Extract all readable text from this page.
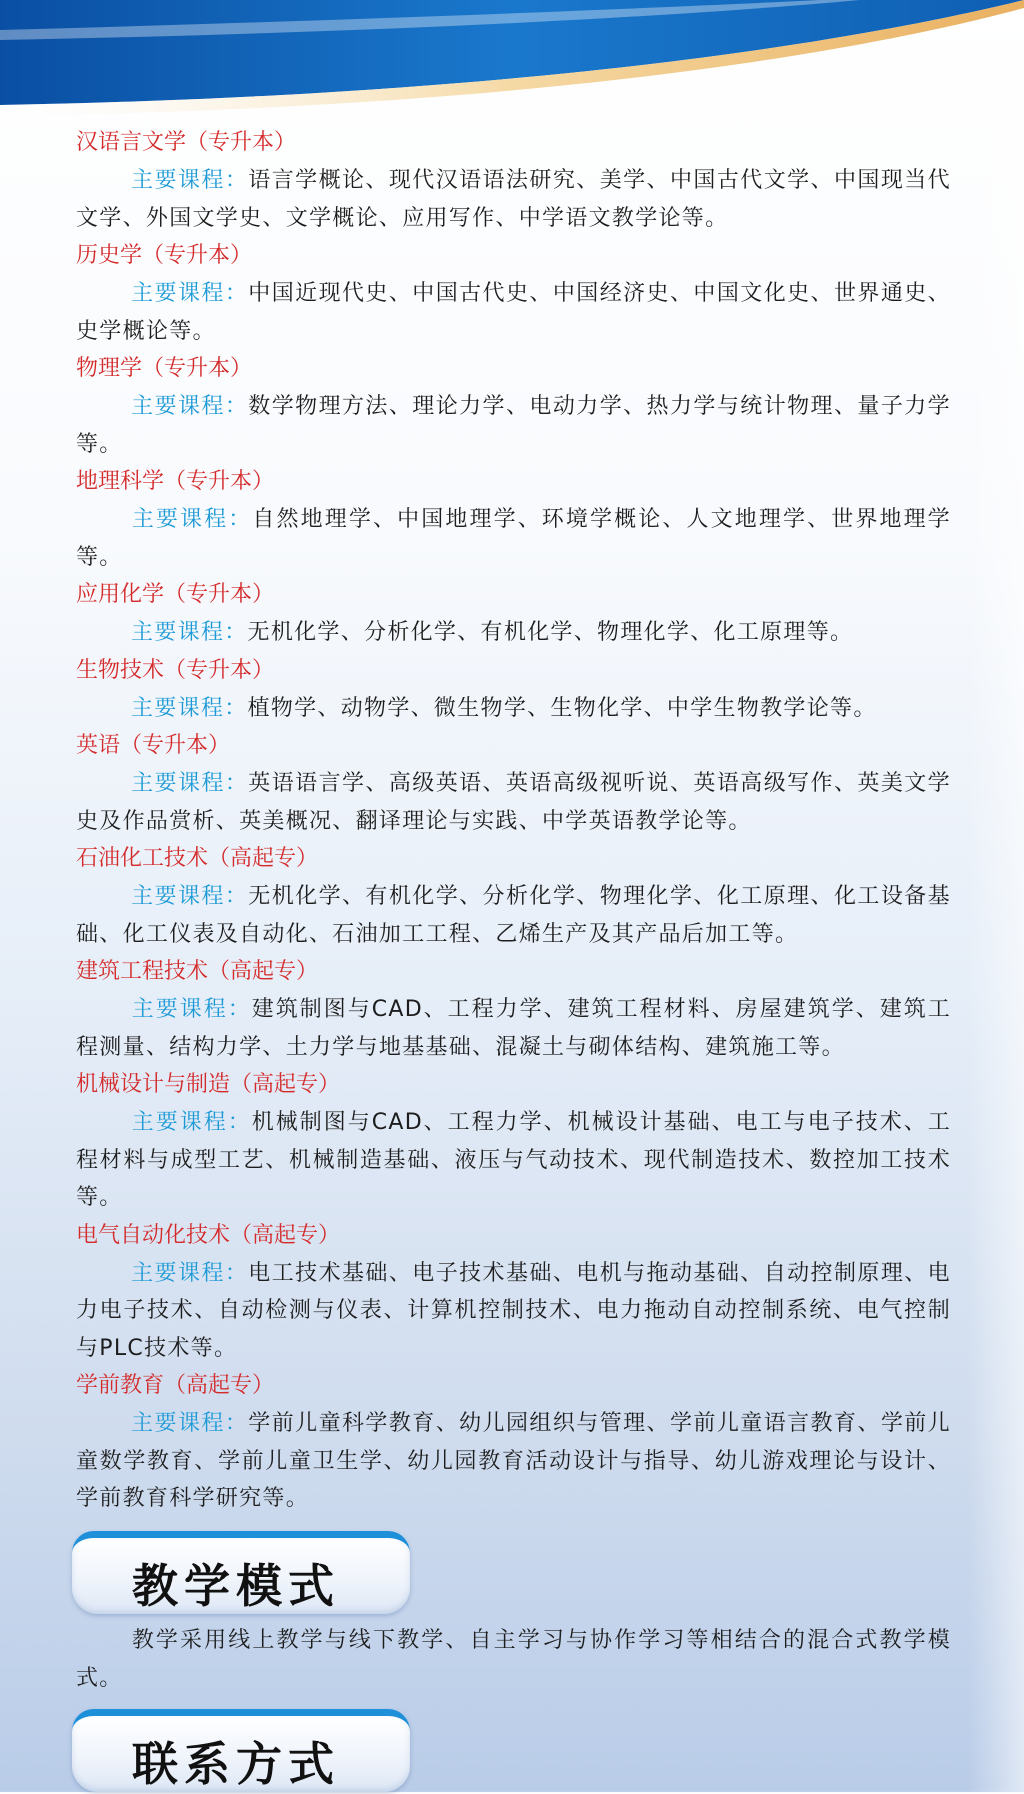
汉语言文学（专升本）
主要课程：语言学概论、现代汉语语法研究、美学、中国古代文学、中国现当代文学、外国文学史、文学概论、应用写作、中学语文教学论等。
历史学（专升本）
主要课程：中国近现代史、中国古代史、中国经济史、中国文化史、世界通史、史学概论等。
物理学（专升本）
主要课程：数学物理方法、理论力学、电动力学、热力学与统计物理、量子力学等。
地理科学（专升本）
主要课程：自然地理学、中国地理学、环境学概论、人文地理学、世界地理学等。
应用化学（专升本）
主要课程：无机化学、分析化学、有机化学、物理化学、化工原理等。
生物技术（专升本）
主要课程：植物学、动物学、微生物学、生物化学、中学生物教学论等。
英语（专升本）
主要课程：英语语言学、高级英语、英语高级视听说、英语高级写作、英美文学史及作品赏析、英美概况、翻译理论与实践、中学英语教学论等。
石油化工技术（高起专）
主要课程：无机化学、有机化学、分析化学、物理化学、化工原理、化工设备基础、化工仪表及自动化、石油加工工程、乙烯生产及其产品后加工等。
建筑工程技术（高起专）
主要课程：建筑制图与CAD、工程力学、建筑工程材料、房屋建筑学、建筑工程测量、结构力学、土力学与地基基础、混凝土与砌体结构、建筑施工等。
机械设计与制造（高起专）
主要课程：机械制图与CAD、工程力学、机械设计基础、电工与电子技术、工程材料与成型工艺、机械制造基础、液压与气动技术、现代制造技术、数控加工技术等。
电气自动化技术（高起专）
主要课程：电工技术基础、电子技术基础、电机与拖动基础、自动控制原理、电力电子技术、自动检测与仪表、计算机控制技术、电力拖动自动控制系统、电气控制与PLC技术等。
学前教育（高起专）
主要课程：学前儿童科学教育、幼儿园组织与管理、学前儿童语言教育、学前儿童数学教育、学前儿童卫生学、幼儿园教育活动设计与指导、幼儿游戏理论与设计、学前教育科学研究等。
教学模式
教学采用线上教学与线下教学、自主学习与协作学习等相结合的混合式教学模式。
联系方式
